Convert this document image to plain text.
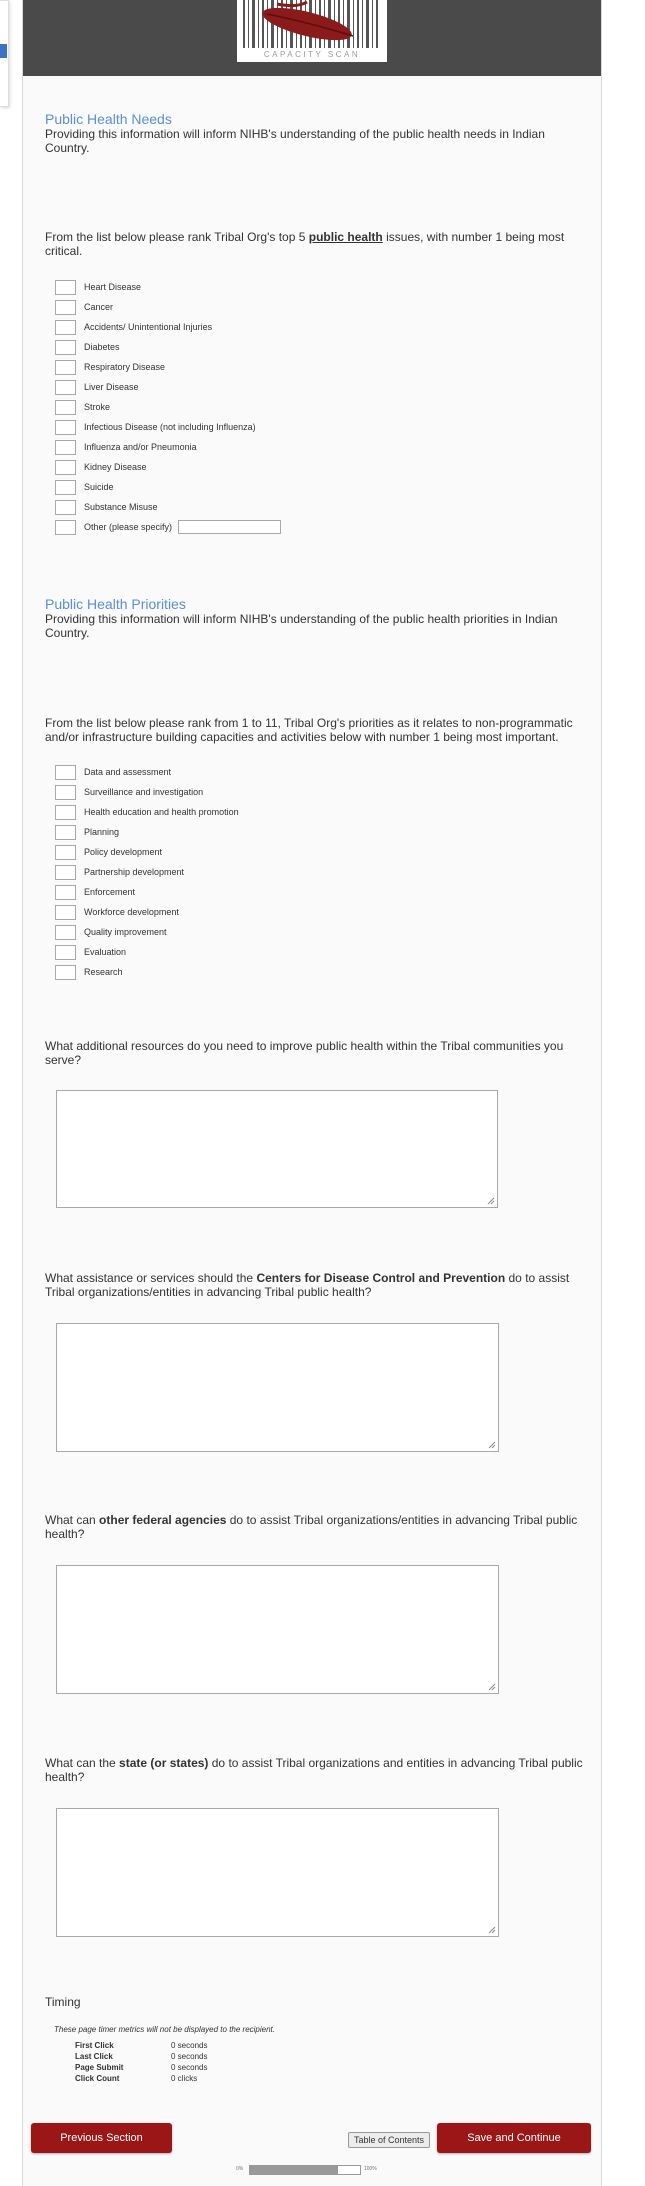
CAPACITY SCAN
Public Health Needs
Providing this information will inform NIHB's understanding of the public health needs in Indian Country.
From the list below please rank Tribal Org's top 5 public health issues, with number 1 being most critical.
Heart Disease
Cancer
Accidents/ Unintentional Injuries
Diabetes
Respiratory Disease
Liver Disease
Stroke
Infectious Disease (not including Influenza)
Influenza and/or Pneumonia
Kidney Disease
Suicide
Substance Misuse
Other (please specify)
Public Health Priorities
Providing this information will inform NIHB's understanding of the public health priorities in Indian Country.
From the list below please rank from 1 to 11, Tribal Org's priorities as it relates to non-programmatic and/or infrastructure building capacities and activities below with number 1 being most important.
Data and assessment
Surveillance and investigation
Health education and health promotion
Planning
Policy development
Partnership development
Enforcement
Workforce development
Quality improvement
Evaluation
Research
What additional resources do you need to improve public health within the Tribal communities you serve?
What assistance or services should the Centers for Disease Control and Prevention do to assist Tribal organizations/entities in advancing Tribal public health?
What can other federal agencies do to assist Tribal organizations/entities in advancing Tribal public health?
What can the state (or states) do to assist Tribal organizations and entities in advancing Tribal public health?
Timing
These page timer metrics will not be displayed to the recipient.
First Click	0 seconds
Last Click	0 seconds
Page Submit	0 seconds
Click Count	0 clicks
Previous Section	Table of Contents	Save and Continue
0%	100%
